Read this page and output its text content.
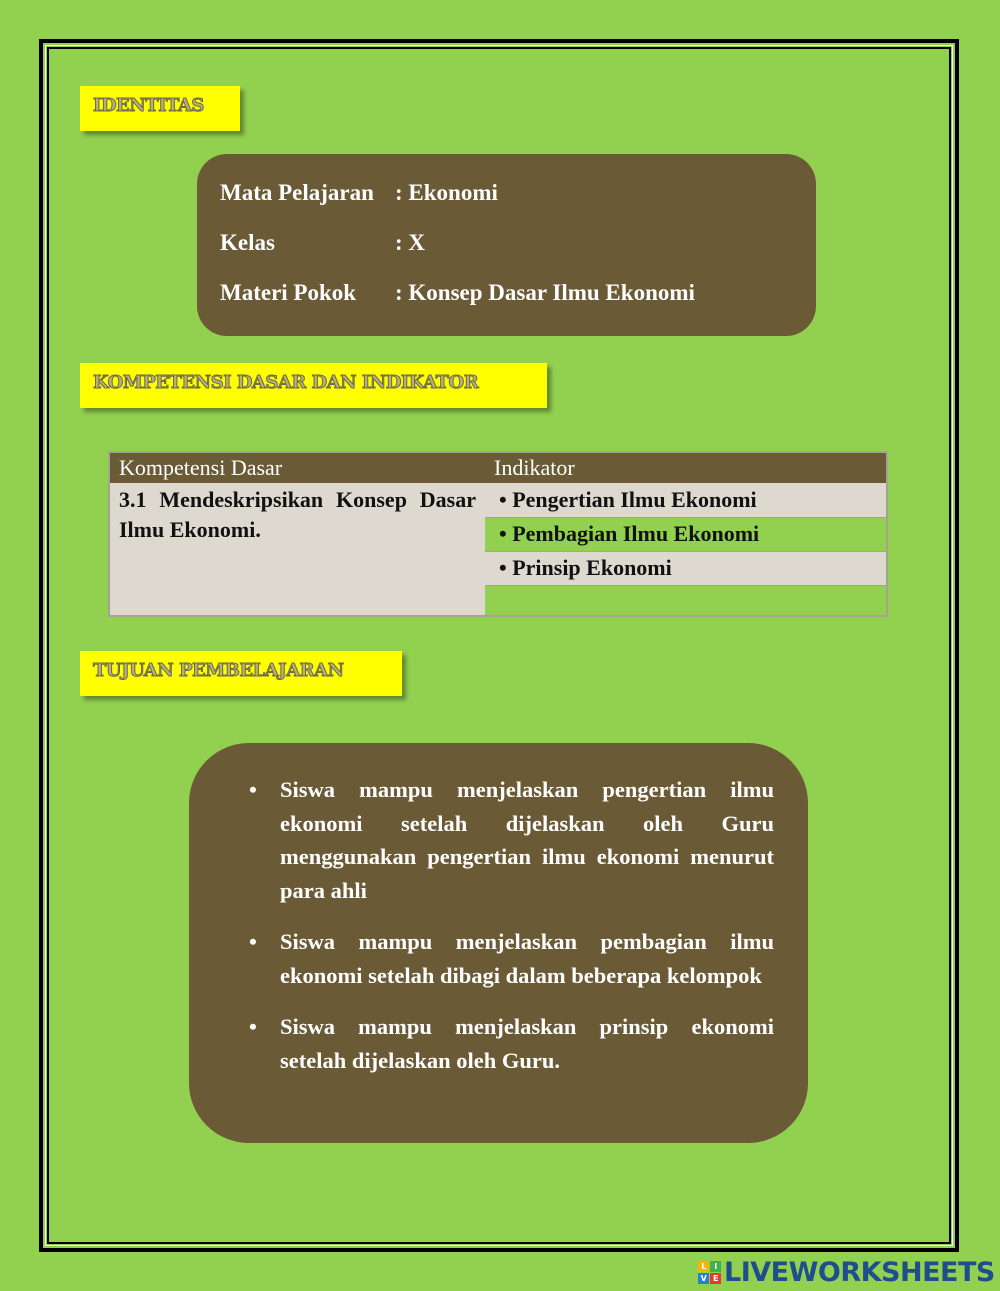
IDENTITAS
Mata Pelajaran : Ekonomi
Kelas	: X
Materi Pokok	: Konsep Dasar Ilmu Ekonomi
KOMPETENSI DASAR DAN INDIKATOR
Kompetensi Dasar	Indikator
3.1 Mendeskripsikan Konsep Dasar Ilmu Ekonomi.	• Pengertian Ilmu Ekonomi
	• Pembagian Ilmu Ekonomi
	• Prinsip Ekonomi

TUJUAN PEMBELAJARAN
• Siswa mampu menjelaskan pengertian ilmu ekonomi setelah dijelaskan oleh Guru menggunakan pengertian ilmu ekonomi menurut para ahli
• Siswa mampu menjelaskan pembagian ilmu ekonomi setelah dibagi dalam beberapa kelompok
• Siswa mampu menjelaskan prinsip ekonomi setelah dijelaskan oleh Guru.
L	I
V E LIVEWORKSHEETS
